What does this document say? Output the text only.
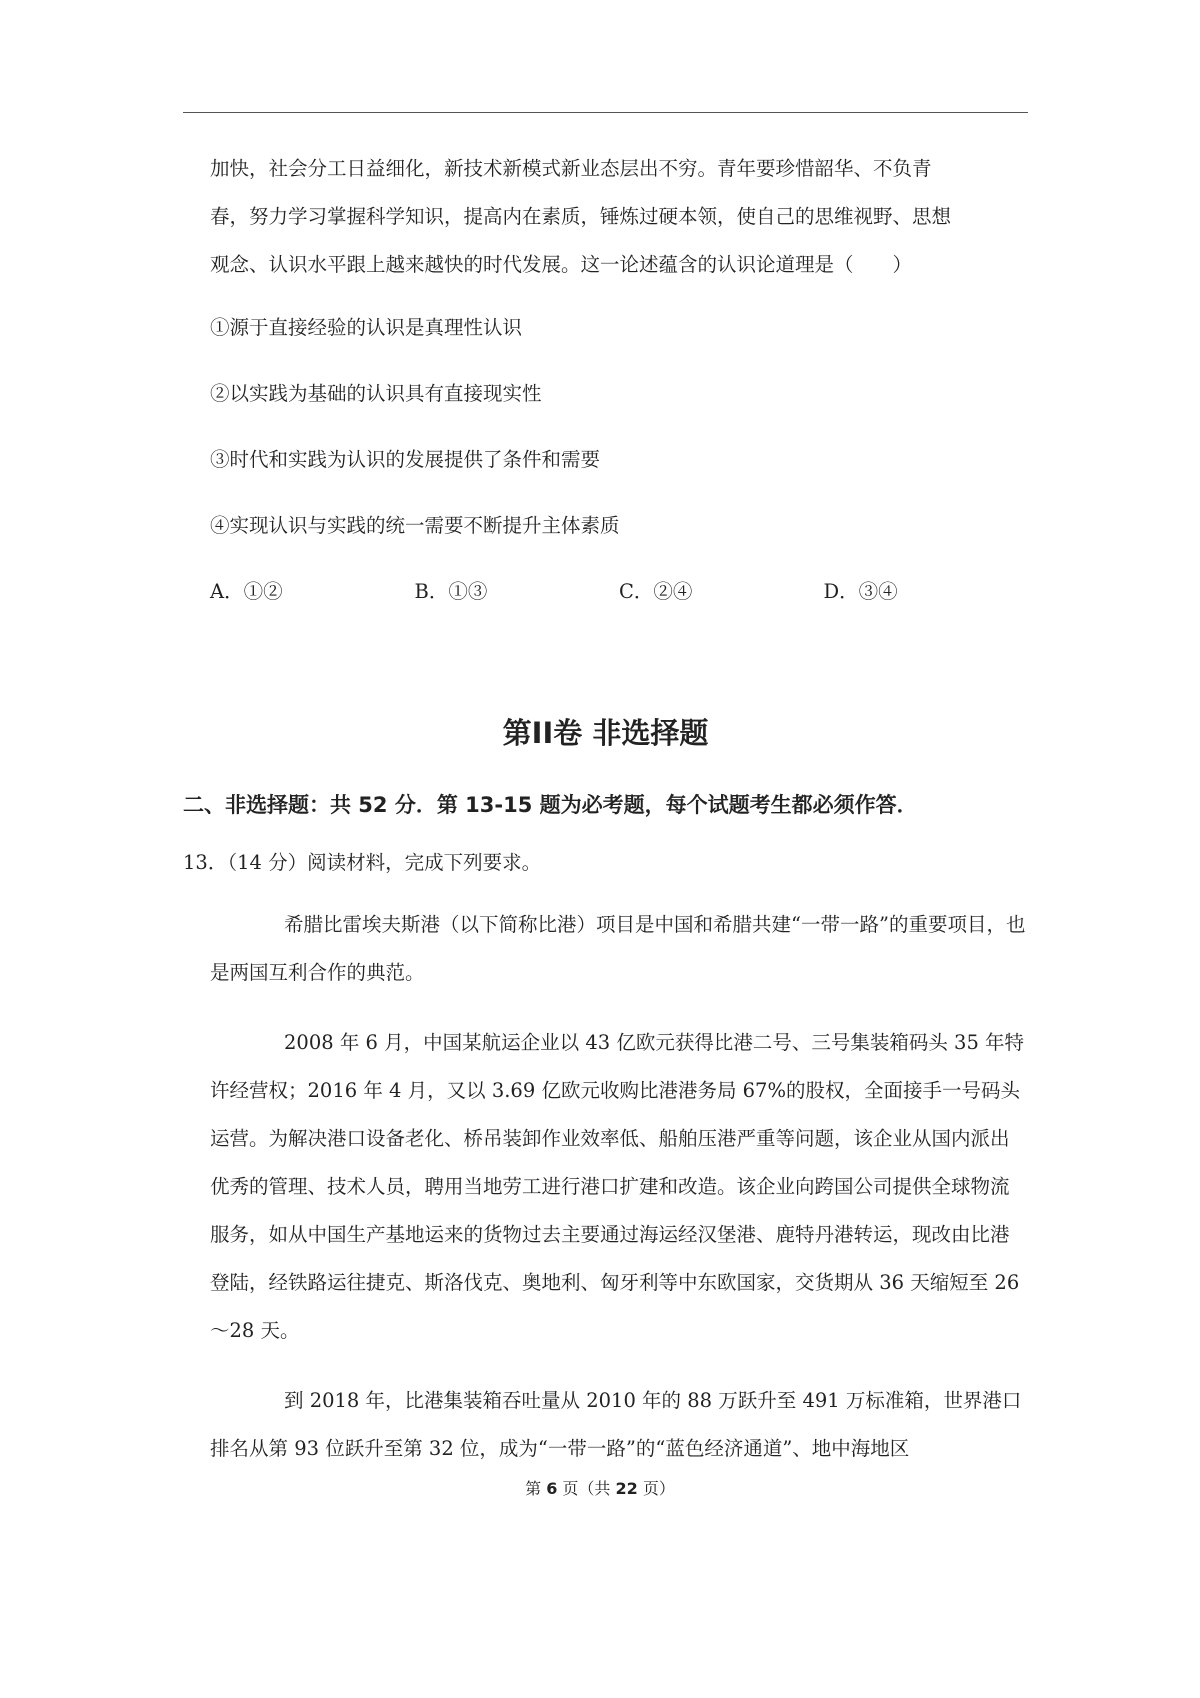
加快，社会分工日益细化，新技术新模式新业态层出不穷。青年要珍惜韶华、不负青

春，努力学习掌握科学知识，提高内在素质，锤炼过硬本领，使自己的思维视野、思想

观念、认识水平跟上越来越快的时代发展。这一论述蕴含的认识论道理是（　　）

①源于直接经验的认识是真理性认识

②以实践为基础的认识具有直接现实性

③时代和实践为认识的发展提供了条件和需要

④实现认识与实践的统一需要不断提升主体素质

A．①②	B．①③	C．②④	D．③④

第II卷 非选择题

二、非选择题：共 52 分．第 13-15 题为必考题，每个试题考生都必须作答．

13．（14 分）阅读材料，完成下列要求。

希腊比雷埃夫斯港（以下简称比港）项目是中国和希腊共建“一带一路”的重要项目，也是两国互利合作的典范。

2008 年 6 月，中国某航运企业以 43 亿欧元获得比港二号、三号集装箱码头 35 年特许经营权；2016 年 4 月，又以 3.69 亿欧元收购比港港务局 67%的股权，全面接手一号码头运营。为解决港口设备老化、桥吊装卸作业效率低、船舶压港严重等问题，该企业从国内派出优秀的管理、技术人员，聘用当地劳工进行港口扩建和改造。该企业向跨国公司提供全球物流服务，如从中国生产基地运来的货物过去主要通过海运经汉堡港、鹿特丹港转运，现改由比港登陆，经铁路运往捷克、斯洛伐克、奥地利、匈牙利等中东欧国家，交货期从 36 天缩短至 26～28 天。

到 2018 年，比港集装箱吞吐量从 2010 年的 88 万跃升至 491 万标准箱，世界港口排名从第 93 位跃升至第 32 位，成为“一带一路”的“蓝色经济通道”、地中海地区

第 6 页（共 22 页）
